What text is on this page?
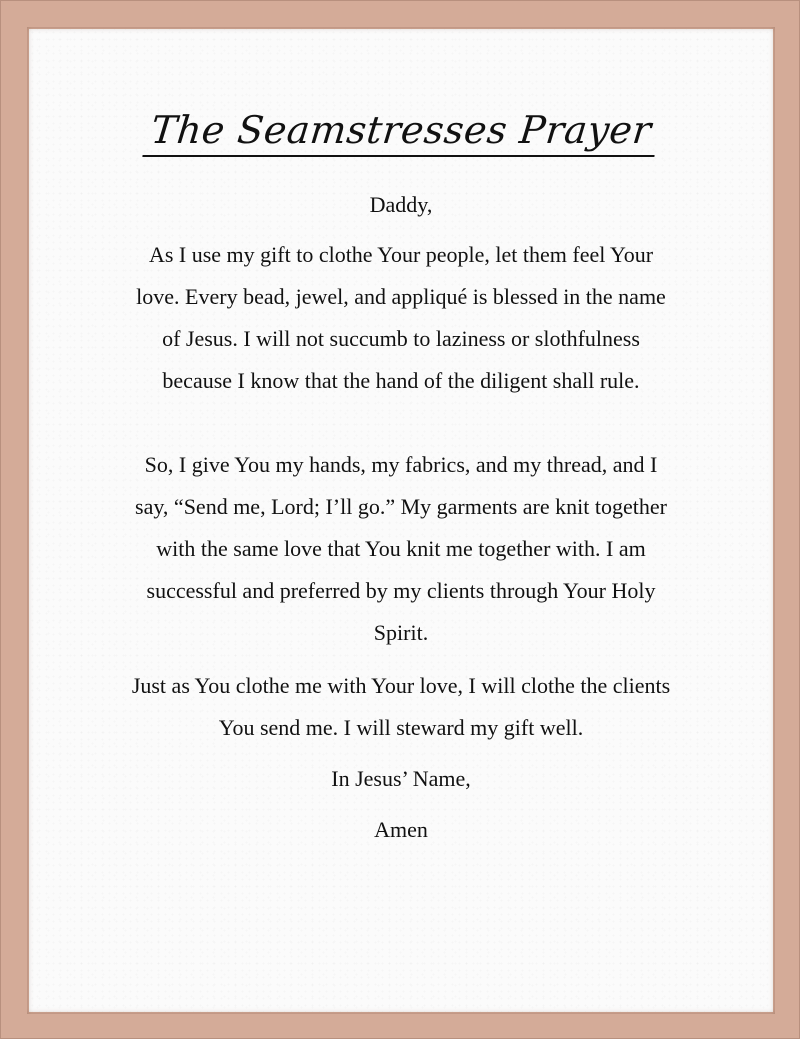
The Seamstresses Prayer
Daddy,

As I use my gift to clothe Your people, let them feel Your
love. Every bead, jewel, and appliqué is blessed in the name
of Jesus. I will not succumb to laziness or slothfulness
because I know that the hand of the diligent shall rule.

So, I give You my hands, my fabrics, and my thread, and I
say, “Send me, Lord; I’ll go.” My garments are knit together
with the same love that You knit me together with. I am
successful and preferred by my clients through Your Holy
Spirit.

Just as You clothe me with Your love, I will clothe the clients
You send me. I will steward my gift well.

In Jesus’ Name,
Amen
